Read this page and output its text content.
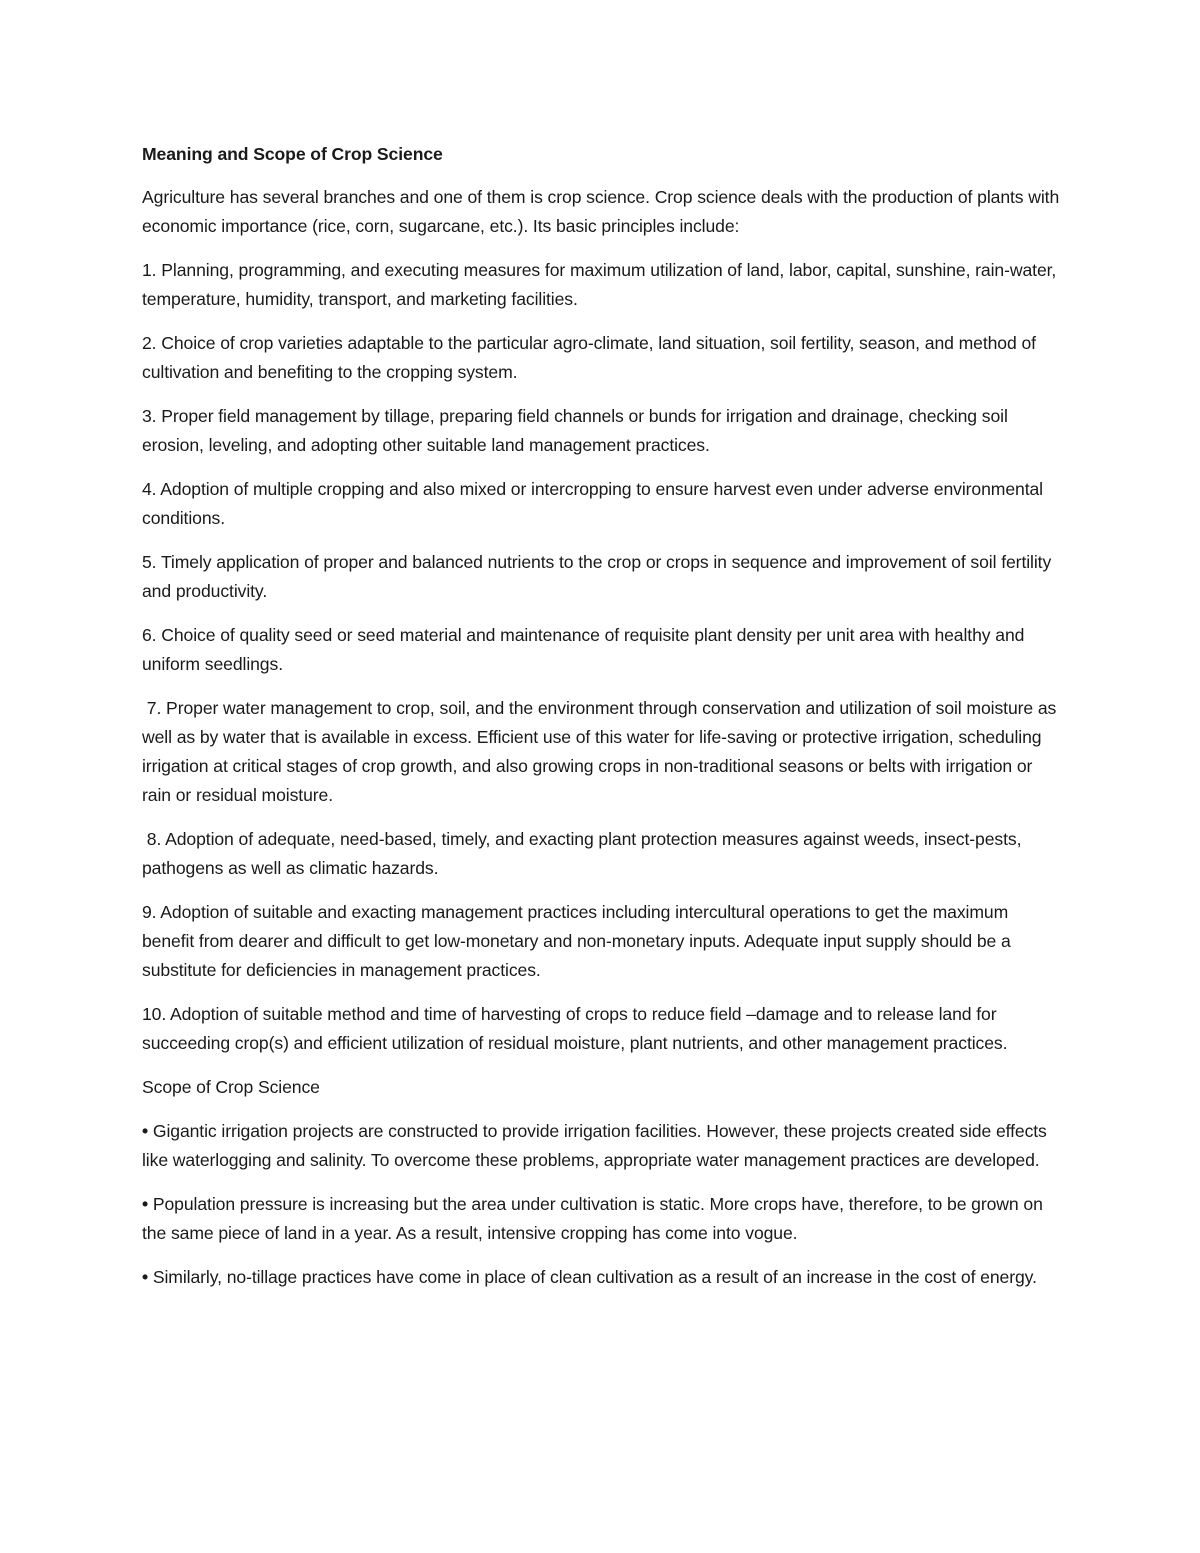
Meaning and Scope of Crop Science

Agriculture has several branches and one of them is crop science. Crop science deals with the production of plants with economic importance (rice, corn, sugarcane, etc.). Its basic principles include:

1. Planning, programming, and executing measures for maximum utilization of land, labor, capital, sunshine, rain-water, temperature, humidity, transport, and marketing facilities.

2. Choice of crop varieties adaptable to the particular agro-climate, land situation, soil fertility, season, and method of cultivation and benefiting to the cropping system.

3. Proper field management by tillage, preparing field channels or bunds for irrigation and drainage, checking soil erosion, leveling, and adopting other suitable land management practices.

4. Adoption of multiple cropping and also mixed or intercropping to ensure harvest even under adverse environmental conditions.

5. Timely application of proper and balanced nutrients to the crop or crops in sequence and improvement of soil fertility and productivity.

6. Choice of quality seed or seed material and maintenance of requisite plant density per unit area with healthy and uniform seedlings.

7. Proper water management to crop, soil, and the environment through conservation and utilization of soil moisture as well as by water that is available in excess. Efficient use of this water for life-saving or protective irrigation, scheduling irrigation at critical stages of crop growth, and also growing crops in non-traditional seasons or belts with irrigation or rain or residual moisture.

8. Adoption of adequate, need-based, timely, and exacting plant protection measures against weeds, insect-pests, pathogens as well as climatic hazards.

9. Adoption of suitable and exacting management practices including intercultural operations to get the maximum benefit from dearer and difficult to get low-monetary and non-monetary inputs. Adequate input supply should be a substitute for deficiencies in management practices.

10. Adoption of suitable method and time of harvesting of crops to reduce field –damage and to release land for succeeding crop(s) and efficient utilization of residual moisture, plant nutrients, and other management practices.

Scope of Crop Science

• Gigantic irrigation projects are constructed to provide irrigation facilities. However, these projects created side effects like waterlogging and salinity. To overcome these problems, appropriate water management practices are developed.

• Population pressure is increasing but the area under cultivation is static. More crops have, therefore, to be grown on the same piece of land in a year. As a result, intensive cropping has come into vogue.

• Similarly, no-tillage practices have come in place of clean cultivation as a result of an increase in the cost of energy.
